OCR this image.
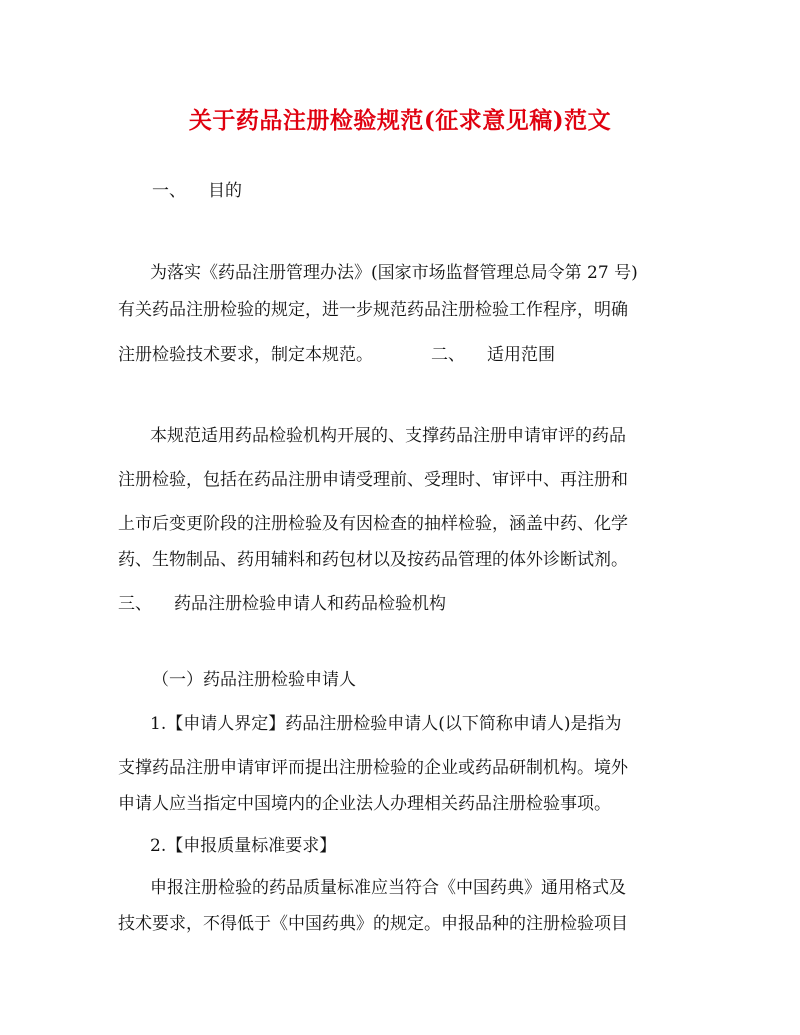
关于药品注册检验规范(征求意见稿)范文
一、 目的
为落实《药品注册管理办法》(国家市场监督管理总局令第 27 号)
有关药品注册检验的规定，进一步规范药品注册检验工作程序，明确
注册检验技术要求，制定本规范。	二、 适用范围
本规范适用药品检验机构开展的、支撑药品注册申请审评的药品
注册检验，包括在药品注册申请受理前、受理时、审评中、再注册和
上市后变更阶段的注册检验及有因检查的抽样检验，涵盖中药、化学
药、生物制品、药用辅料和药包材以及按药品管理的体外诊断试剂。
三、 药品注册检验申请人和药品检验机构
（一）药品注册检验申请人
1.【申请人界定】药品注册检验申请人(以下简称申请人)是指为
支撑药品注册申请审评而提出注册检验的企业或药品研制机构。境外
申请人应当指定中国境内的企业法人办理相关药品注册检验事项。
2.【申报质量标准要求】
申报注册检验的药品质量标准应当符合《中国药典》通用格式及
技术要求，不得低于《中国药典》的规定。申报品种的注册检验项目
